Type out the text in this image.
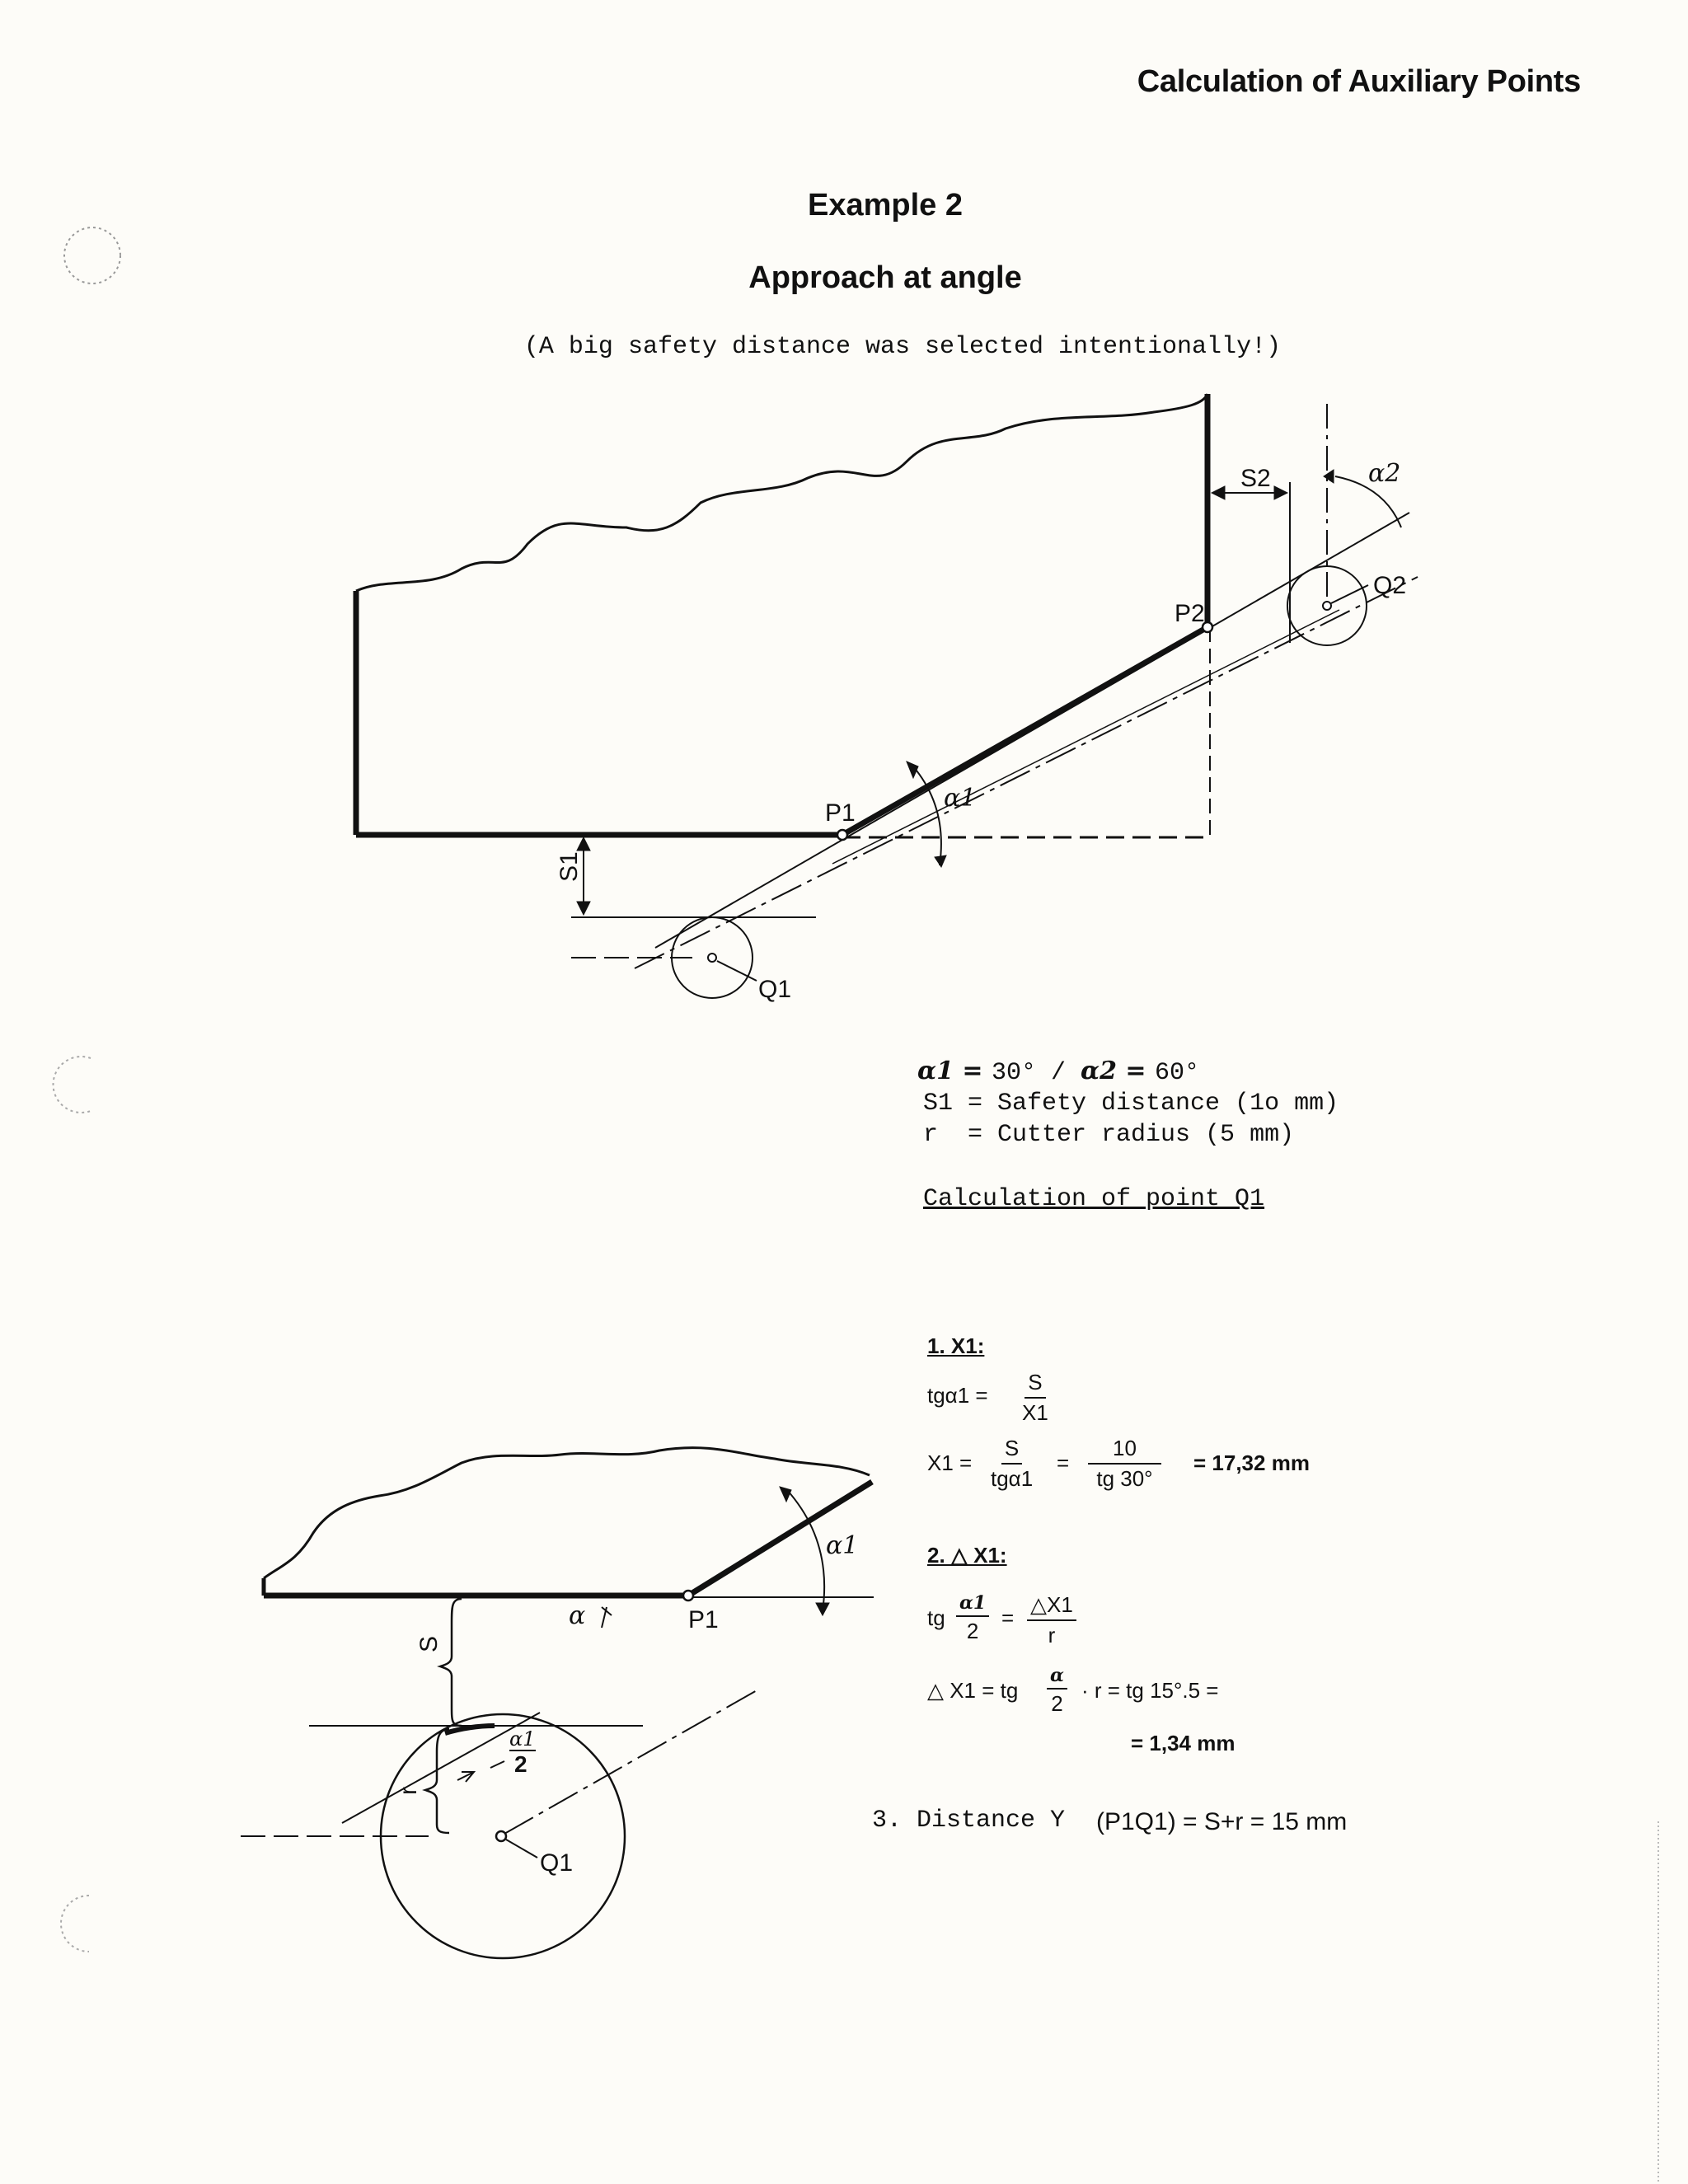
Calculation of Auxiliary Points
Example 2
Approach at angle
(A big safety distance was selected intentionally!)
S2	α2
Q2
P2
P1
α1
S1
Q1
α1 = 30° / α2 = 60°
S1 = Safety distance (1o mm)
r  = Cutter radius (5 mm)
Calculation of point Q1
α1
P1
α
S
α1
2
r
Q1
1. X1:
$tg\alpha 1 = \frac{S}{X1}$
X1 =
S
tgα1
= $\frac{10}{tg 30^\circ} = 17,32$ mm
2. △ X1:
tg
α1
2
= $\frac{\triangle X1}{r}$
△ X1 = tg
α
2
· r = tg 15°.5 =
= 1,34 mm
3. Distance Y (P1Q1) = S+r = 15 mm
